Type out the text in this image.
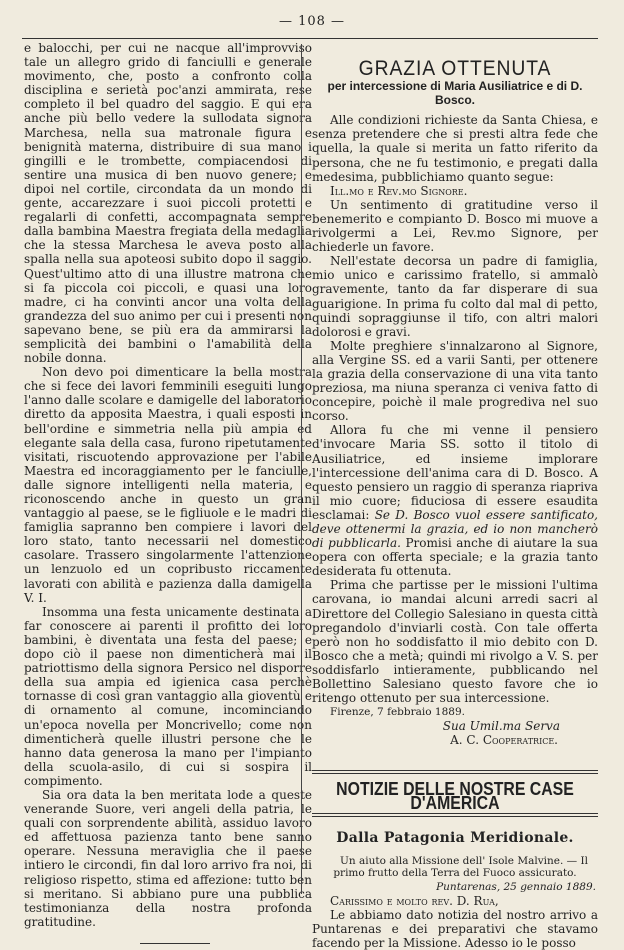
— 108 —

e balocchi, per cui ne nacque all'improvviso tale un allegro grido di fanciulli e generale movimento, che, posto a confronto colla disciplina e serietà poc'anzi ammirata, rese completo il bel quadro del saggio. E qui era anche più bello vedere la sullodata signora Marchesa, nella sua matronale figura e benignità materna, distribuire di sua mano i gingilli e le trombette, compiacendosi di sentire una musica di ben nuovo genere; e dipoi nel cortile, circondata da un mondo di gente, accarezzare i suoi piccoli protetti e regalarli di confetti, accompagnata sempre dalla bambina Maestra fregiata della medaglia che la stessa Marchesa le aveva posto alla spalla nella sua apoteosi subito dopo il saggio. Quest'ultimo atto di una illustre matrona che si fa piccola coi piccoli, e quasi una loro madre, ci ha convinti ancor una volta della grandezza del suo animo per cui i presenti non sapevano bene, se più era da ammirarsi la semplicità dei bambini o l'amabilità della nobile donna.

Non devo poi dimenticare la bella mostra che si fece dei lavori femminili eseguiti lungo l'anno dalle scolare e damigelle del laboratorio diretto da apposita Maestra, i quali esposti in bell'ordine e simmetria nella più ampia ed elegante sala della casa, furono ripetutamente visitati, riscuotendo approvazione per l'abile Maestra ed incoraggiamento per le fanciulle, dalle signore intelligenti nella materia, e riconoscendo anche in questo un gran vantaggio al paese, se le figliuole e le madri di famiglia sapranno ben compiere i lavori del loro stato, tanto necessarii nel domestico casolare. Trassero singolarmente l'attenzione un lenzuolo ed un copribusto riccamente lavorati con abilità e pazienza dalla damigella V. I.

Insomma una festa unicamente destinata a far conoscere ai parenti il profitto dei loro bambini, è diventata una festa del paese; e dopo ciò il paese non dimenticherà mai il patriottismo della signora Persico nel disporre della sua ampia ed igienica casa perchè tornasse di così gran vantaggio alla gioventù e di ornamento al comune, incominciando un'epoca novella per Moncrivello; come non dimenticherà quelle illustri persone che le hanno data generosa la mano per l'impianto della scuola-asilo, di cui si sospira il compimento.

Sia ora data la ben meritata lode a queste venerande Suore, veri angeli della patria, le quali con sorprendente abilità, assiduo lavoro ed affettuosa pazienza tanto bene sanno operare. Nessuna meraviglia che il paese intiero le circondi, fin dal loro arrivo fra noi, di religioso rispetto, stima ed affezione: tutto ben si meritano. Si abbiano pure una pubblica testimonianza della nostra profonda gratitudine.

GRAZIA OTTENUTA
per intercessione di Maria Ausiliatrice e di D. Bosco.

Alle condizioni richieste da Santa Chiesa, e senza pretendere che si presti altra fede che quella, la quale si merita un fatto riferito da persona, che ne fu testimonio, e pregati dalla medesima, pubblichiamo quanto segue:

Ill.mo e Rev.mo Signore.

Un sentimento di gratitudine verso il benemerito e compianto D. Bosco mi muove a rivolgermi a Lei, Rev.mo Signore, per chiederle un favore.

Nell'estate decorsa un padre di famiglia, mio unico e carissimo fratello, si ammalò gravemente, tanto da far disperare di sua guarigione. In prima fu colto dal mal di petto, quindi sopraggiunse il tifo, con altri malori dolorosi e gravi.

Molte preghiere s'innalzarono al Signore, alla Vergine SS. ed a varii Santi, per ottenere la grazia della conservazione di una vita tanto preziosa, ma niuna speranza ci veniva fatto di concepire, poichè il male progrediva nel suo corso.

Allora fu che mi venne il pensiero d'invocare Maria SS. sotto il titolo di Ausiliatrice, ed insieme implorare l'intercessione dell'anima cara di D. Bosco. A questo pensiero un raggio di speranza riapriva il mio cuore; fiduciosa di essere esaudita esclamai: Se D. Bosco vuol essere santificato, deve ottenermi la grazia, ed io non mancherò di pubblicarla. Promisi anche di aiutare la sua opera con offerta speciale; e la grazia tanto desiderata fu ottenuta.

Prima che partisse per le missioni l'ultima carovana, io mandai alcuni arredi sacri al Direttore del Collegio Salesiano in questa città pregandolo d'inviarli costà. Con tale offerta però non ho soddisfatto il mio debito con D. Bosco che a metà; quindi mi rivolgo a V. S. per soddisfarlo intieramente, pubblicando nel Bollettino Salesiano questo favore che io ritengo ottenuto per sua intercessione.

Firenze, 7 febbraio 1889.

Sua Umil.ma Serva

A. C. Cooperatrice.

NOTIZIE DELLE NOSTRE CASE D'AMERICA
Dalla Patagonia Meridionale.

Un aiuto alla Missione dell' Isole Malvine. — Il primo frutto della Terra del Fuoco assicurato.

Puntarenas, 25 gennaio 1889.

Carissimo e molto rev. D. Rua,

Le abbiamo dato notizia del nostro arrivo a Puntarenas e dei preparativi che stavamo facendo per la Missione. Adesso io le posso
